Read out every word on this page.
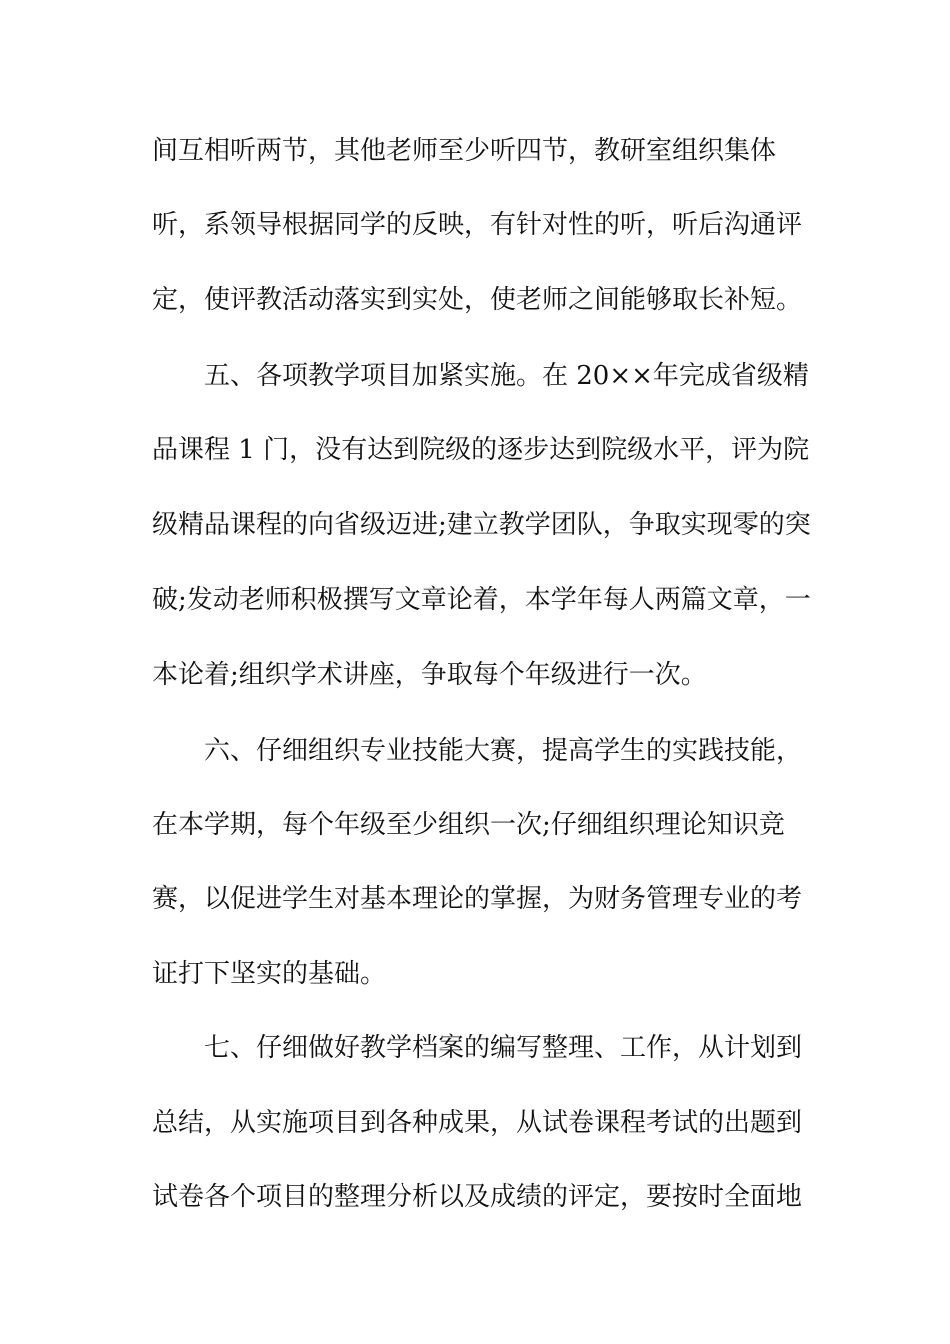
间互相听两节，其他老师至少听四节，教研室组织集体
听，系领导根据同学的反映，有针对性的听，听后沟通评
定，使评教活动落实到实处，使老师之间能够取长补短。
五、各项教学项目加紧实施。在 20××年完成省级精
品课程 1 门，没有达到院级的逐步达到院级水平，评为院
级精品课程的向省级迈进;建立教学团队，争取实现零的突
破;发动老师积极撰写文章论着，本学年每人两篇文章，一
本论着;组织学术讲座，争取每个年级进行一次。
六、仔细组织专业技能大赛，提高学生的实践技能，
在本学期，每个年级至少组织一次;仔细组织理论知识竞
赛，以促进学生对基本理论的掌握，为财务管理专业的考
证打下坚实的基础。
七、仔细做好教学档案的编写整理、工作，从计划到
总结，从实施项目到各种成果，从试卷课程考试的出题到
试卷各个项目的整理分析以及成绩的评定，要按时全面地
